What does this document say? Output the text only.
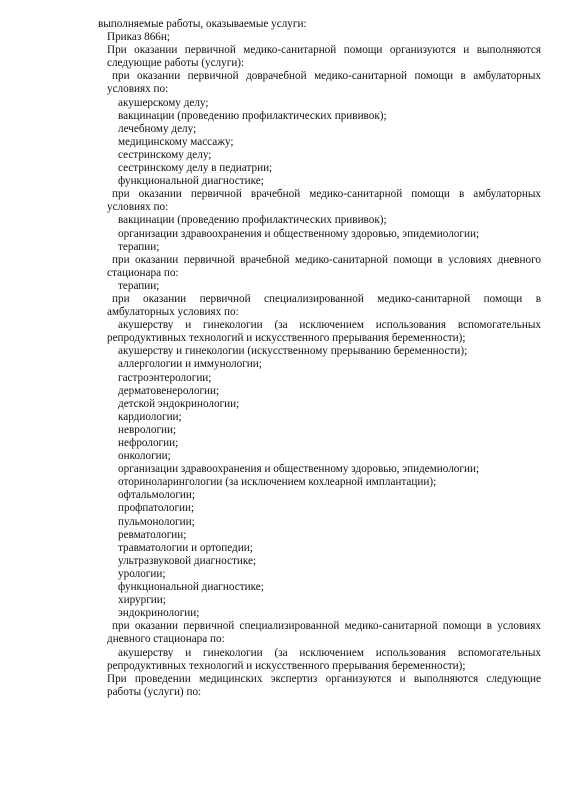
выполняемые работы, оказываемые услуги:
Приказ 866н;
При оказании первичной медико-санитарной помощи организуются и выполняются
следующие работы (услуги):
при оказании первичной доврачебной медико-санитарной помощи в амбулаторных
условиях по:
акушерскому делу;
вакцинации (проведению профилактических прививок);
лечебному делу;
медицинскому массажу;
сестринскому делу;
сестринскому делу в педиатрии;
функциональной диагностике;
при оказании первичной врачебной медико-санитарной помощи в амбулаторных
условиях по:
вакцинации (проведению профилактических прививок);
организации здравоохранения и общественному здоровью, эпидемиологии;
терапии;
при оказании первичной врачебной медико-санитарной помощи в условиях дневного
стационара по:
терапии;
при оказании первичной специализированной медико-санитарной помощи в
амбулаторных условиях по:
акушерству и гинекологии (за исключением использования вспомогательных
репродуктивных технологий и искусственного прерывания беременности);
акушерству и гинекологии (искусственному прерыванию беременности);
аллергологии и иммунологии;
гастроэнтерологии;
дерматовенерологии;
детской эндокринологии;
кардиологии;
неврологии;
нефрологии;
онкологии;
организации здравоохранения и общественному здоровью, эпидемиологии;
оториноларингологии (за исключением кохлеарной имплантации);
офтальмологии;
профпатологии;
пульмонологии;
ревматологии;
травматологии и ортопедии;
ультразвуковой диагностике;
урологии;
функциональной диагностике;
хирургии;
эндокринологии;
при оказании первичной специализированной медико-санитарной помощи в условиях
дневного стационара по:
акушерству и гинекологии (за исключением использования вспомогательных
репродуктивных технологий и искусственного прерывания беременности);
При проведении медицинских экспертиз организуются и выполняются следующие
работы (услуги) по:
